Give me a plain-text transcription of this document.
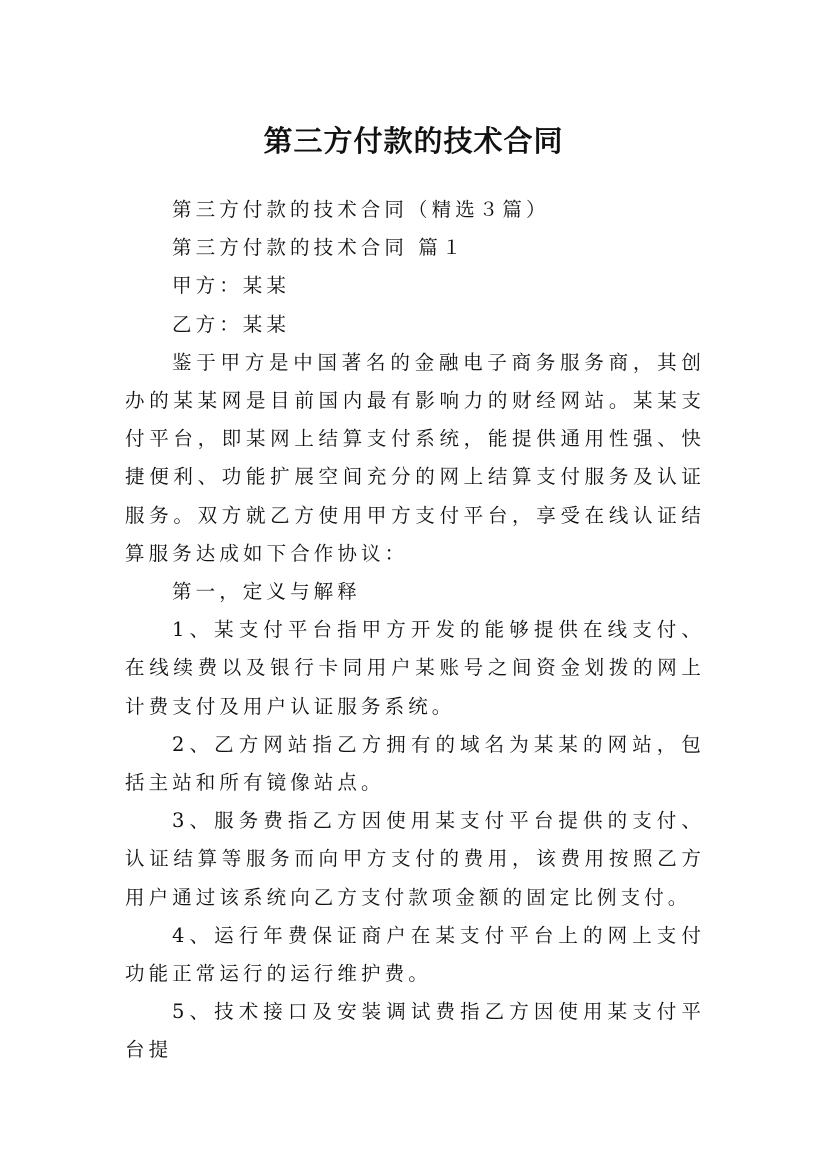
第三方付款的技术合同

第三方付款的技术合同（精选３篇）

第三方付款的技术合同 篇１

甲方：某某

乙方：某某

鉴于甲方是中国著名的金融电子商务服务商，其创办的某某网是目前国内最有影响力的财经网站。某某支付平台，即某网上结算支付系统，能提供通用性强、快捷便利、功能扩展空间充分的网上结算支付服务及认证服务。双方就乙方使用甲方支付平台，享受在线认证结算服务达成如下合作协议：

第一，定义与解释

1、某支付平台指甲方开发的能够提供在线支付、在线续费以及银行卡同用户某账号之间资金划拨的网上计费支付及用户认证服务系统。

2、乙方网站指乙方拥有的域名为某某的网站，包括主站和所有镜像站点。

3、服务费指乙方因使用某支付平台提供的支付、认证结算等服务而向甲方支付的费用，该费用按照乙方用户通过该系统向乙方支付款项金额的固定比例支付。

4、运行年费保证商户在某支付平台上的网上支付功能正常运行的运行维护费。

5、技术接口及安装调试费指乙方因使用某支付平台提
